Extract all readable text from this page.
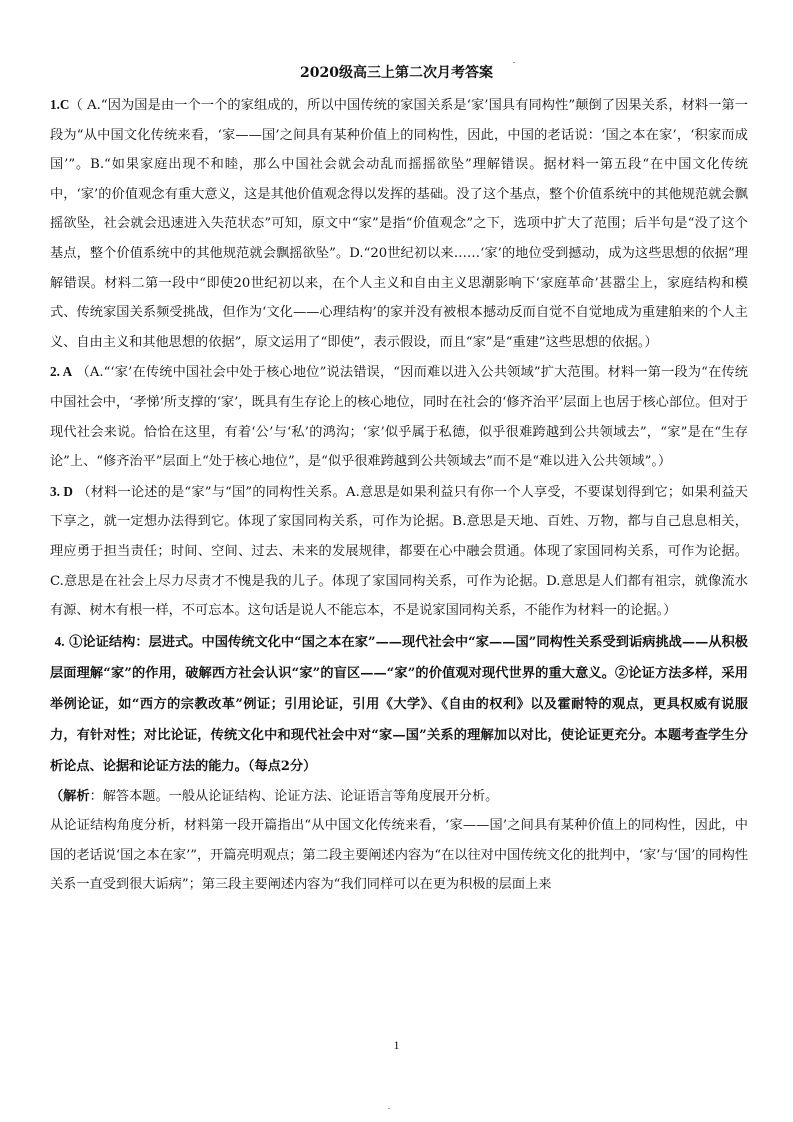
2020级高三上第二次月考答案

1.C（ A.“因为国是由一个一个的家组成的，所以中国传统的家国关系是‘家’国具有同构性”颠倒了因果关系，材料一第一段为“从中国文化传统来看，‘家——国’之间具有某种价值上的同构性，因此，中国的老话说：‘国之本在家’，‘积家而成国’”。B.“如果家庭出现不和睦，那么中国社会就会动乱而摇摇欲坠”理解错误。据材料一第五段“在中国文化传统中，‘家’的价值观念有重大意义，这是其他价值观念得以发挥的基础。没了这个基点，整个价值系统中的其他规范就会飘摇欲坠，社会就会迅速进入失范状态”可知，原文中“家”是指“价值观念”之下，选项中扩大了范围；后半句是“没了这个基点，整个价值系统中的其他规范就会飘摇欲坠”。D.“20世纪初以来……‘家’的地位受到撼动，成为这些思想的依据”理解错误。材料二第一段中“即使20世纪初以来，在个人主义和自由主义思潮影响下‘家庭革命’甚嚣尘上，家庭结构和模式、传统家国关系频受挑战，但作为‘文化——心理结构’的家并没有被根本撼动反而自觉不自觉地成为重建舶来的个人主义、自由主义和其他思想的依据”，原文运用了“即使”，表示假设，而且“家”是“重建”这些思想的依据。）

2. A （A.“‘家’在传统中国社会中处于核心地位”说法错误，“因而难以进入公共领域”扩大范围。材料一第一段为“在传统中国社会中，‘孝悌’所支撑的‘家’，既具有生存论上的核心地位，同时在社会的‘修齐治平’层面上也居于核心部位。但对于现代社会来说。恰恰在这里，有着‘公’与‘私’的鸿沟；‘家’似乎属于私德，似乎很难跨越到公共领域去”，“家”是在“生存论”上、“修齐治平”层面上“处于核心地位”，是“似乎很难跨越到公共领域去”而不是“难以进入公共领域”。）

3. D （材料一论述的是“家”与“国”的同构性关系。A.意思是如果利益只有你一个人享受，不要谋划得到它；如果利益天下享之，就一定想办法得到它。体现了家国同构关系，可作为论据。B.意思是天地、百姓、万物，都与自己息息相关，理应勇于担当责任；时间、空间、过去、未来的发展规律，都要在心中融会贯通。体现了家国同构关系，可作为论据。C.意思是在社会上尽力尽责才不愧是我的儿子。体现了家国同构关系，可作为论据。D.意思是人们都有祖宗，就像流水有源、树木有根一样，不可忘本。这句话是说人不能忘本，不是说家国同构关系，不能作为材料一的论据。）

4. ①论证结构：层进式。中国传统文化中“国之本在家”——现代社会中“家——国”同构性关系受到诟病挑战——从积极层面理解“家”的作用，破解西方社会认识“家”的盲区——“家”的价值观对现代世界的重大意义。②论证方法多样，采用举例论证，如“西方的宗教改革”例证；引用论证，引用《大学》、《自由的权利》以及霍耐特的观点，更具权威有说服力，有针对性；对比论证，传统文化中和现代社会中对“家—国”关系的理解加以对比，使论证更充分。本题考查学生分析论点、论据和论证方法的能力。（每点2分）

（解析：解答本题。一般从论证结构、论证方法、论证语言等角度展开分析。

从论证结构角度分析，材料第一段开篇指出“从中国文化传统来看，‘家——国’之间具有某种价值上的同构性，因此，中国的老话说‘国之本在家’”，开篇亮明观点；第二段主要阐述内容为“在以往对中国传统文化的批判中，‘家’与‘国’的同构性关系一直受到很大诟病”；第三段主要阐述内容为“我们同样可以在更为积极的层面上来

1
